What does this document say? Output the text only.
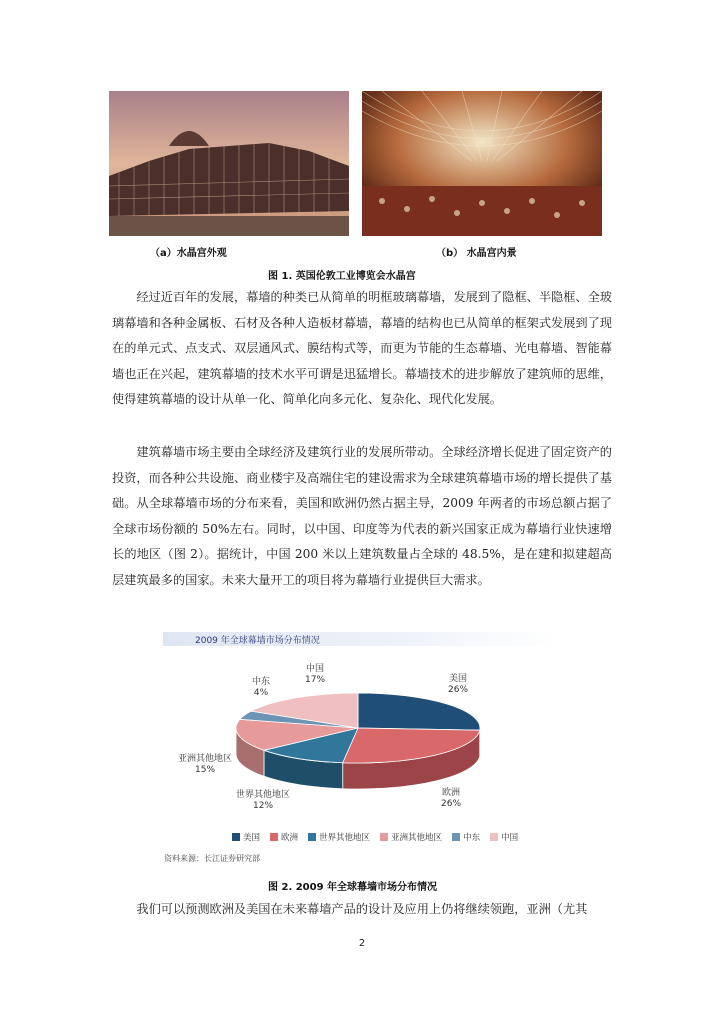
（a）水晶宫外观	（b） 水晶宫内景
图 1. 英国伦敦工业博览会水晶宫

经过近百年的发展，幕墙的种类已从简单的明框玻璃幕墙，发展到了隐框、半隐框、全玻璃幕墙和各种金属板、石材及各种人造板材幕墙，幕墙的结构也已从简单的框架式发展到了现在的单元式、点支式、双层通风式、膜结构式等，而更为节能的生态幕墙、光电幕墙、智能幕墙也正在兴起，建筑幕墙的技术水平可谓是迅猛增长。幕墙技术的进步解放了建筑师的思维，使得建筑幕墙的设计从单一化、简单化向多元化、复杂化、现代化发展。

建筑幕墙市场主要由全球经济及建筑行业的发展所带动。全球经济增长促进了固定资产的投资，而各种公共设施、商业楼宇及高端住宅的建设需求为全球建筑幕墙市场的增长提供了基础。从全球幕墙市场的分布来看，美国和欧洲仍然占据主导，2009 年两者的市场总额占据了全球市场份额的 50%左右。同时，以中国、印度等为代表的新兴国家正成为幕墙行业快速增长的地区（图 2）。据统计，中国 200 米以上建筑数量占全球的 48.5%，是在建和拟建超高层建筑最多的国家。未来大量开工的项目将为幕墙行业提供巨大需求。

2009 年全球幕墙市场分布情况
美国
26%
欧洲
26%
世界其他地区
12%
亚洲其他地区
15%
中东
4%
中国
17%
美国 欧洲 世界其他地区 亚洲其他地区 中东 中国
资料来源：长江证券研究部
图 2. 2009 年全球幕墙市场分布情况

我们可以预测欧洲及美国在未来幕墙产品的设计及应用上仍将继续领跑，亚洲（尤其

2
